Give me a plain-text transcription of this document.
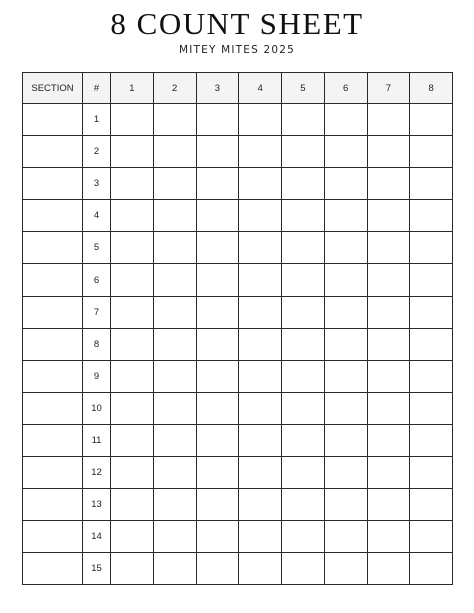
8 COUNT SHEET
MITEY MITES 2025
SECTION	#	1	2	3	4	5	6	7	8
	1								
	2								
	3								
	4								
	5								
	6								
	7								
	8								
	9								
	10								
	11								
	12								
	13								
	14								
	15								
